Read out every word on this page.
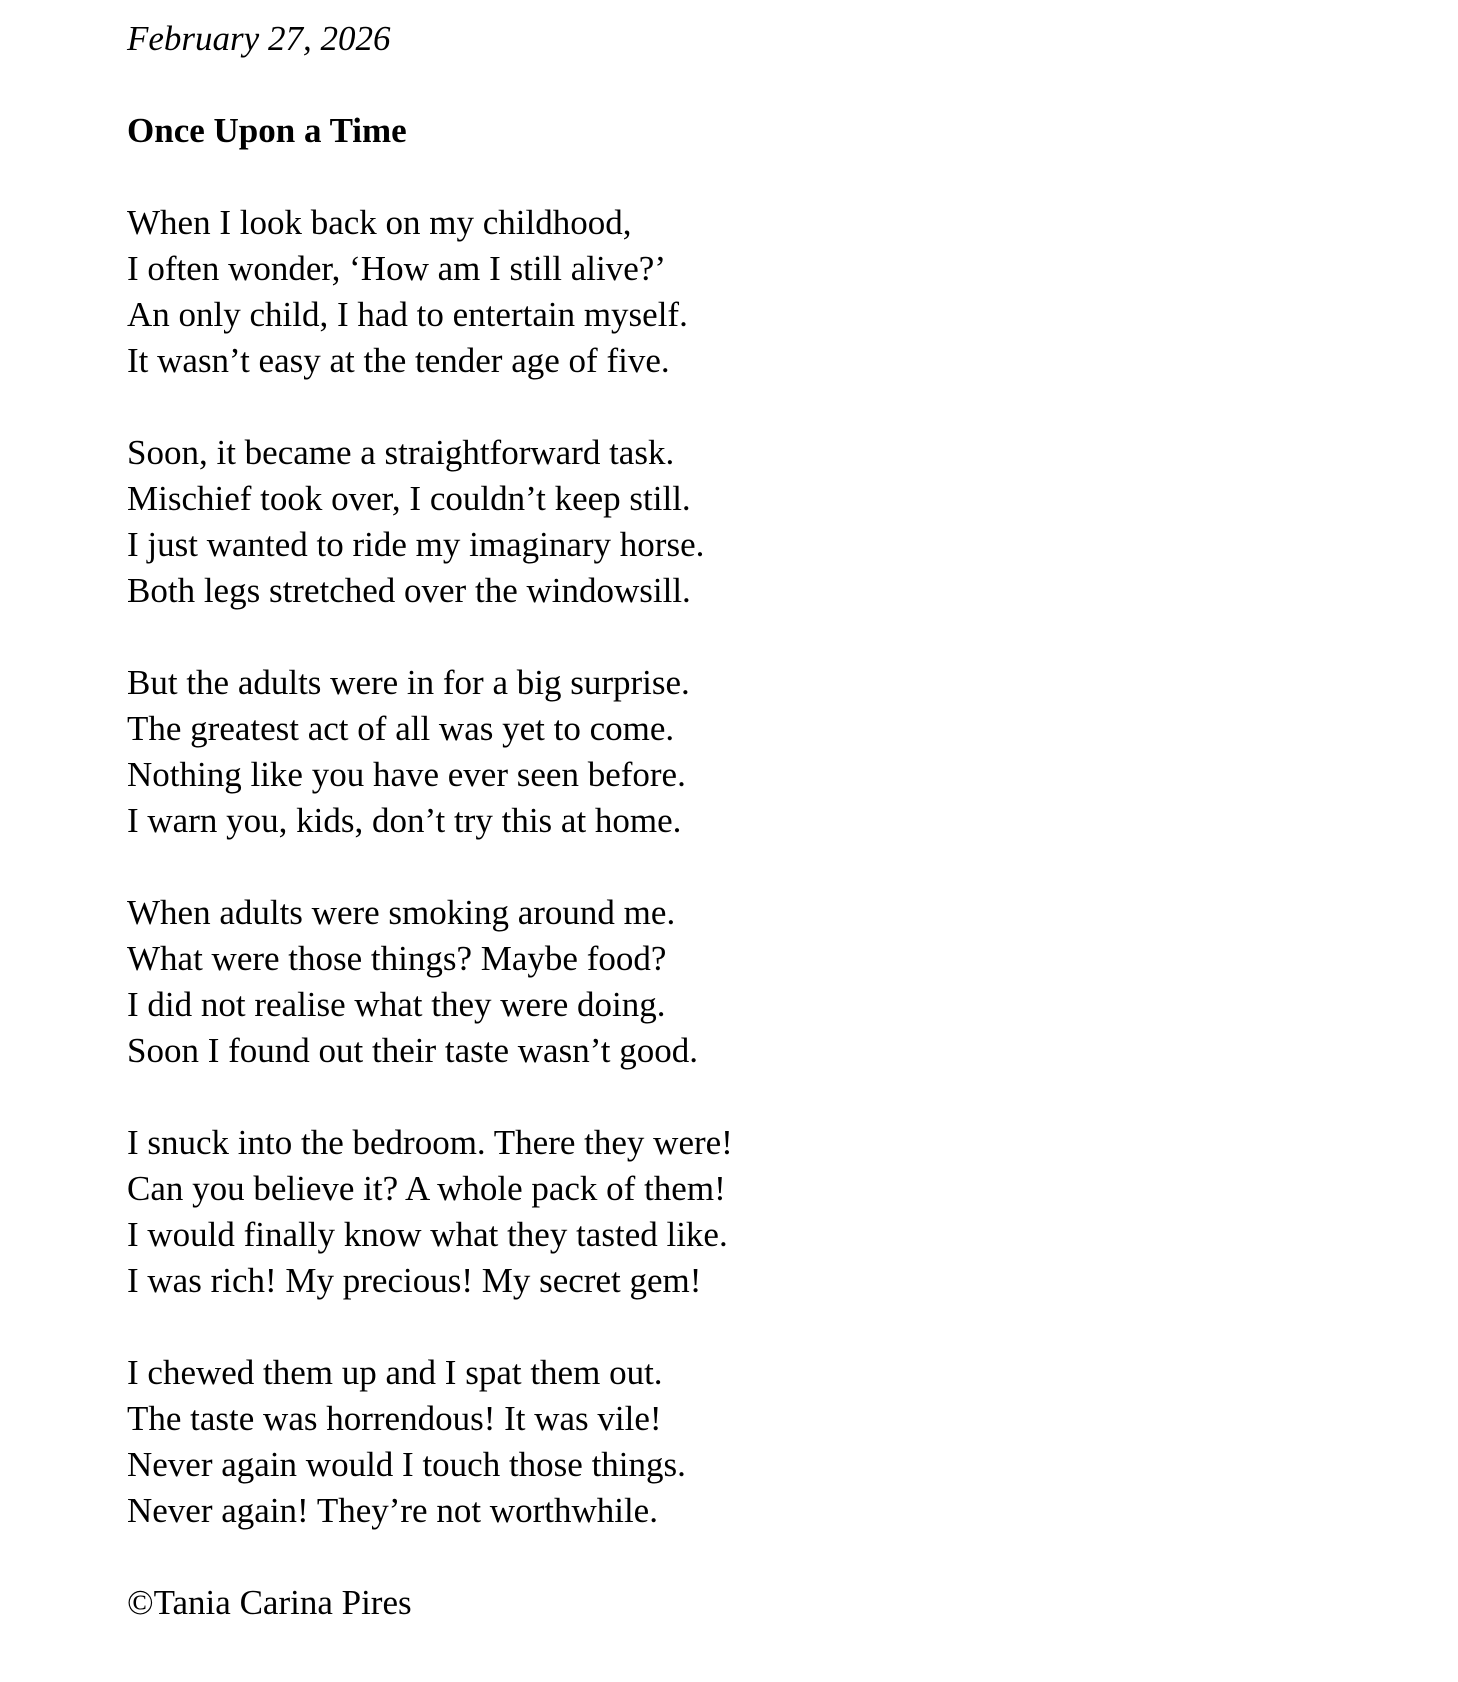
February 27, 2026
Once Upon a Time
When I look back on my childhood,
I often wonder, ‘How am I still alive?’
An only child, I had to entertain myself.
It wasn’t easy at the tender age of five.
Soon, it became a straightforward task.
Mischief took over, I couldn’t keep still.
I just wanted to ride my imaginary horse.
Both legs stretched over the windowsill.
But the adults were in for a big surprise.
The greatest act of all was yet to come.
Nothing like you have ever seen before.
I warn you, kids, don’t try this at home.
When adults were smoking around me.
What were those things? Maybe food?
I did not realise what they were doing.
Soon I found out their taste wasn’t good.
I snuck into the bedroom. There they were!
Can you believe it? A whole pack of them!
I would finally know what they tasted like.
I was rich! My precious! My secret gem!
I chewed them up and I spat them out.
The taste was horrendous! It was vile!
Never again would I touch those things.
Never again! They’re not worthwhile.
©Tania Carina Pires
